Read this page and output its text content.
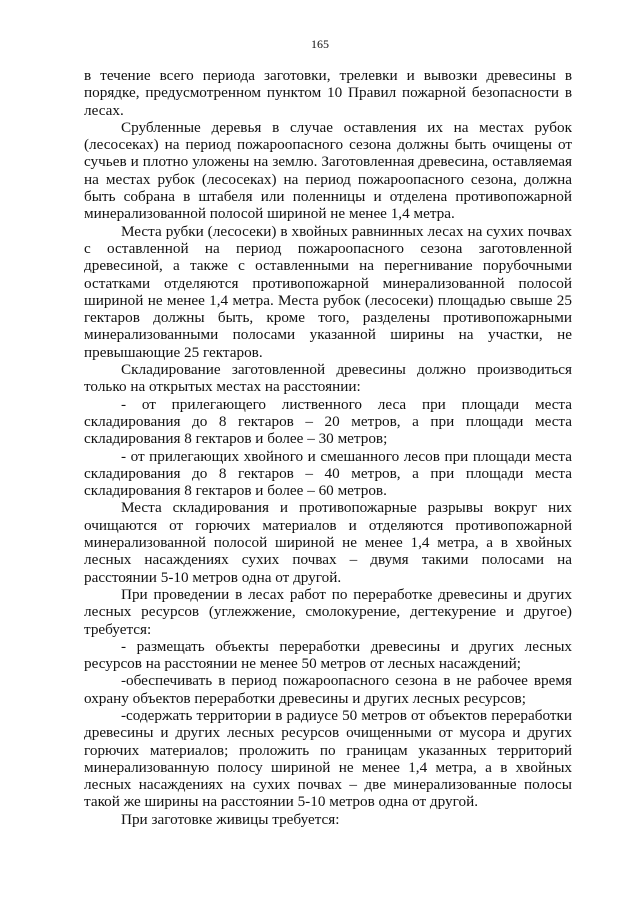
165

в течение всего периода заготовки, трелевки и вывозки древесины в порядке, предусмотренном пунктом 10 Правил пожарной безопасности в лесах.

Срубленные деревья в случае оставления их на местах рубок (лесосеках) на период пожароопасного сезона должны быть очищены от сучьев и плотно уложены на землю. Заготовленная древесина, оставляемая на местах рубок (лесосеках) на период пожароопасного сезона, должна быть собрана в штабеля или поленницы и отделена противопожарной минерализованной полосой шириной не менее 1,4 метра.

Места рубки (лесосеки) в хвойных равнинных лесах на сухих почвах с оставленной на период пожароопасного сезона заготовленной древесиной, а также с оставленными на перегнивание порубочными остатками отделяются противопожарной минерализованной полосой шириной не менее 1,4 метра. Места рубок (лесосеки) площадью свыше 25 гектаров должны быть, кроме того, разделены противопожарными минерализованными полосами указанной ширины на участки, не превышающие 25 гектаров.

Складирование заготовленной древесины должно производиться только на открытых местах на расстоянии:

- от прилегающего лиственного леса при площади места складирования до 8 гектаров – 20 метров, а при площади места складирования 8 гектаров и более – 30 метров;

- от прилегающих хвойного и смешанного лесов при площади места складирования до 8 гектаров – 40 метров, а при площади места складирования 8 гектаров и более – 60 метров.

Места складирования и противопожарные разрывы вокруг них очищаются от горючих материалов и отделяются противопожарной минерализованной полосой шириной не менее 1,4 метра, а в хвойных лесных насаждениях сухих почвах – двумя такими полосами на расстоянии 5-10 метров одна от другой.

При проведении в лесах работ по переработке древесины и других лесных ресурсов (углежжение, смолокурение, дегтекурение и другое) требуется:

- размещать объекты переработки древесины и других лесных ресурсов на расстоянии не менее 50 метров от лесных насаждений;

-обеспечивать в период пожароопасного сезона в не рабочее время охрану объектов переработки древесины и других лесных ресурсов;

-содержать территории в радиусе 50 метров от объектов переработки древесины и других лесных ресурсов очищенными от мусора и других горючих материалов; проложить по границам указанных территорий минерализованную полосу шириной не менее 1,4 метра, а в хвойных лесных насаждениях на сухих почвах – две минерализованные полосы такой же ширины на расстоянии 5-10 метров одна от другой.

При заготовке живицы требуется:
